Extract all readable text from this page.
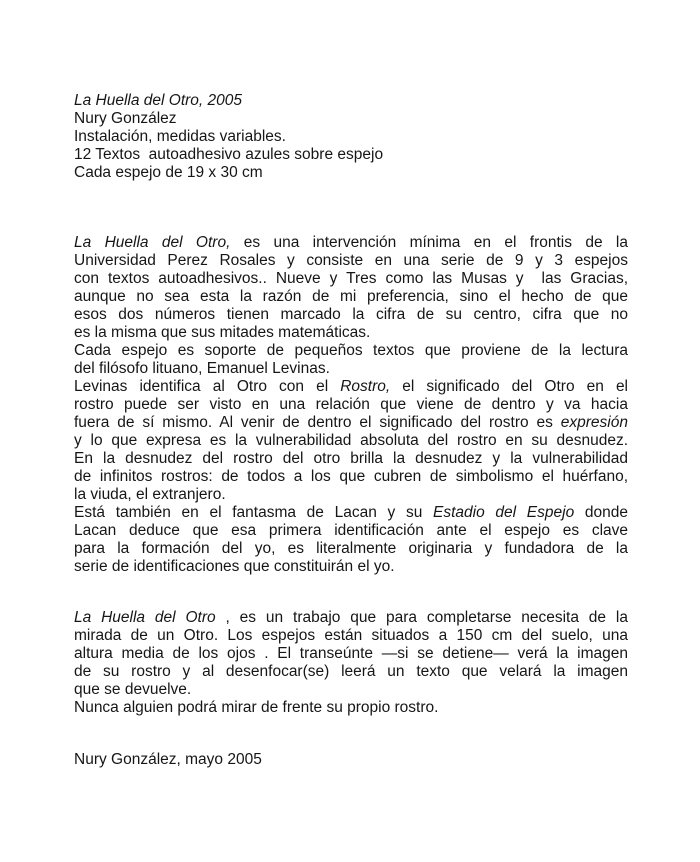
La Huella del Otro, 2005
Nury González
Instalación, medidas variables.
12 Textos  autoadhesivo azules sobre espejo
Cada espejo de 19 x 30 cm
La Huella del Otro, es una intervención mínima en el frontis de la
Universidad Perez Rosales y consiste en una serie de 9 y 3 espejos
con textos autoadhesivos.. Nueve y Tres como las Musas y  las Gracias,
aunque no sea esta la razón de mi preferencia, sino el hecho de que
esos dos números tienen marcado la cifra de su centro, cifra que no
es la misma que sus mitades matemáticas.
Cada espejo es soporte de pequeños textos que proviene de la lectura
del filósofo lituano, Emanuel Levinas.
Levinas identifica al Otro con el Rostro, el significado del Otro en el
rostro puede ser visto en una relación que viene de dentro y va hacia
fuera de sí mismo. Al venir de dentro el significado del rostro es expresión
y lo que expresa es la vulnerabilidad absoluta del rostro en su desnudez.
En la desnudez del rostro del otro brilla la desnudez y la vulnerabilidad
de infinitos rostros: de todos a los que cubren de simbolismo el huérfano,
la viuda, el extranjero.
Está también en el fantasma de Lacan y su Estadio del Espejo donde
Lacan deduce que esa primera identificación ante el espejo es clave
para la formación del yo, es literalmente originaria y fundadora de la
serie de identificaciones que constituirán el yo.
La Huella del Otro , es un trabajo que para completarse necesita de la
mirada de un Otro. Los espejos están situados a 150 cm del suelo, una
altura media de los ojos . El transeúnte —si se detiene— verá la imagen
de su rostro y al desenfocar(se) leerá un texto que velará la imagen
que se devuelve.
Nunca alguien podrá mirar de frente su propio rostro.
Nury González, mayo 2005
